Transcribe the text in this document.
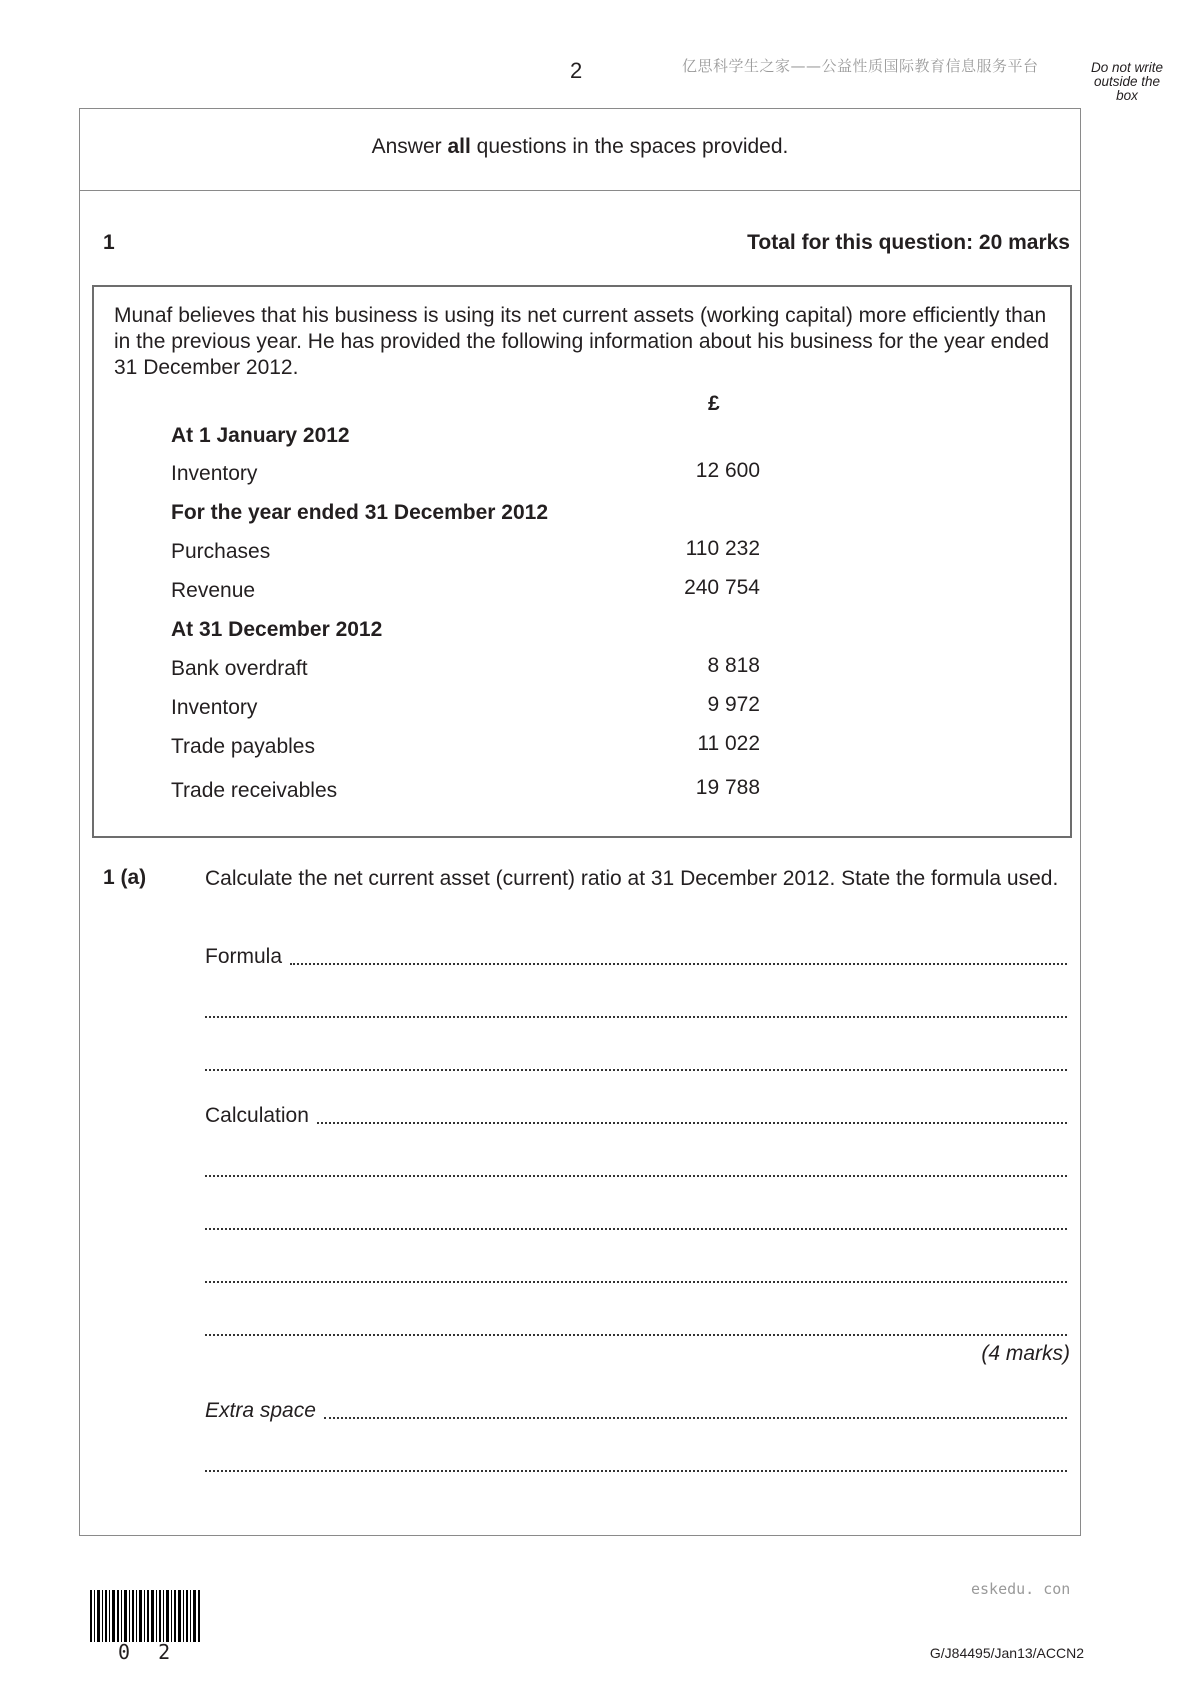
2	亿思科学生之家——公益性质国际教育信息服务平台	Do not write outside the box
Answer all questions in the spaces provided.
1	Total for this question: 20 marks
Munaf believes that his business is using its net current assets (working capital) more efficiently than in the previous year. He has provided the following information about his business for the year ended 31 December 2012.
£
At 1 January 2012
Inventory	12 600
For the year ended 31 December 2012
Purchases	110 232
Revenue	240 754
At 31 December 2012
Bank overdraft	8 818
Inventory	9 972
Trade payables	11 022
Trade receivables	19 788
1 (a)	Calculate the net current asset (current) ratio at 31 December 2012. State the formula used.
Formula
Calculation
(4 marks)
Extra space
0 2
eskedu. con
G/J84495/Jan13/ACCN2
